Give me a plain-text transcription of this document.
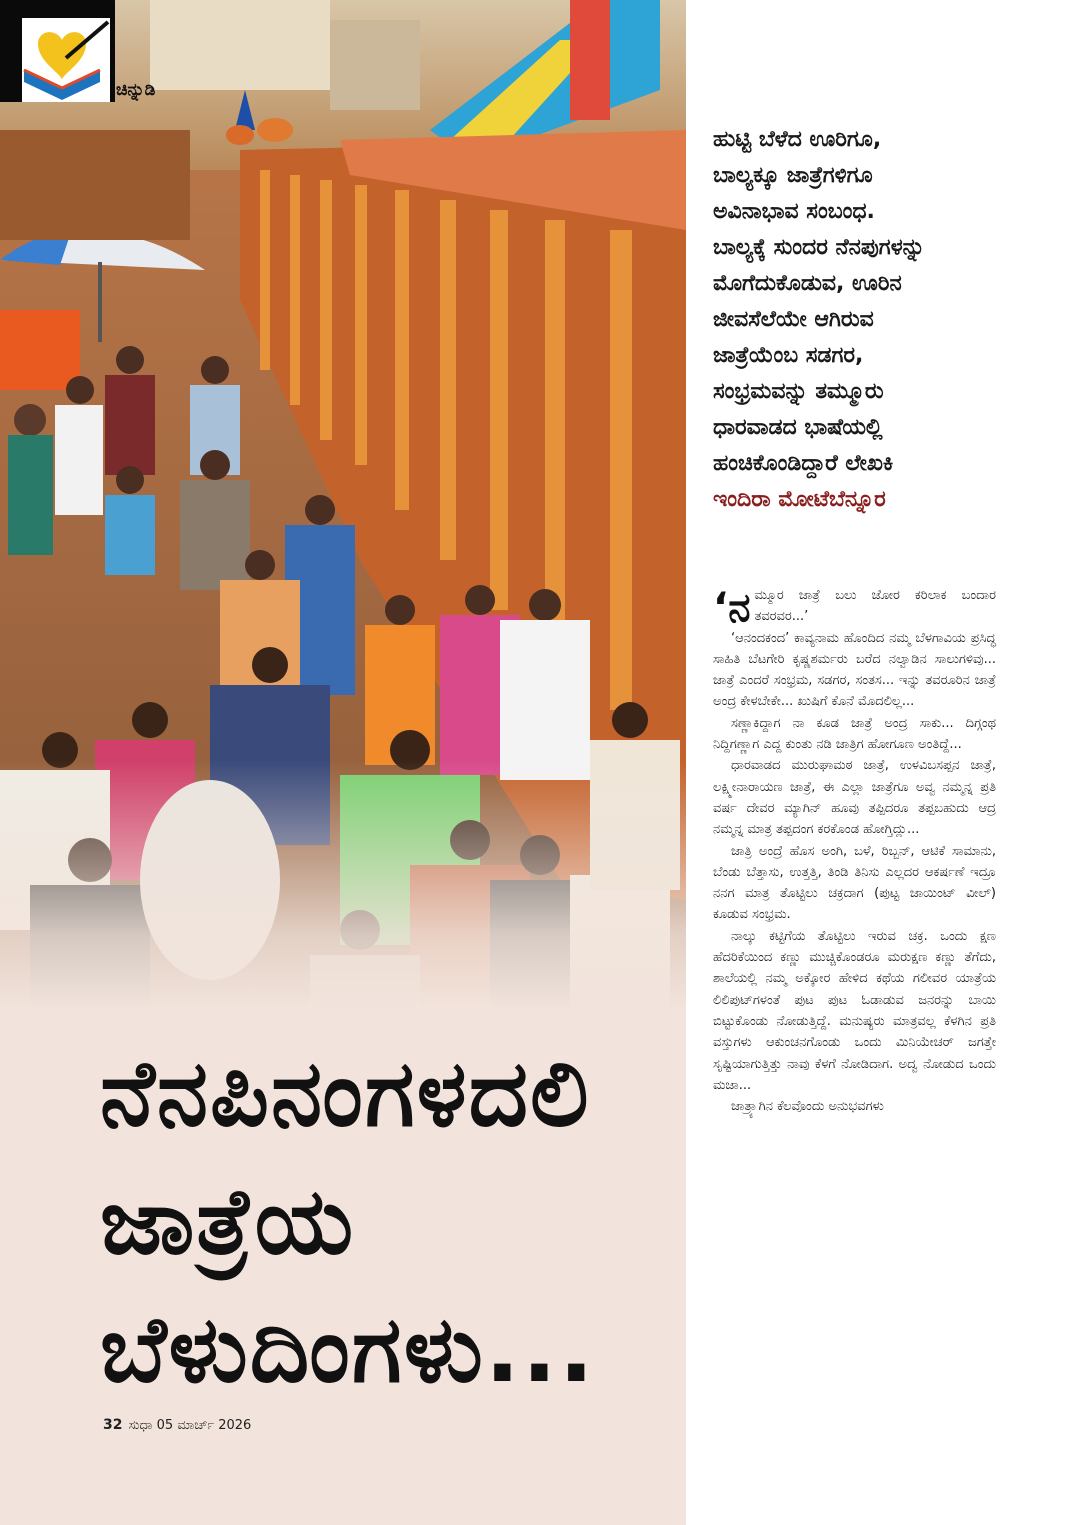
ಚಿನ್ನುಡಿ
ನೆನಪಿನಂಗಳದಲಿ
ಜಾತ್ರೆಯ
ಬೆಳುದಿಂಗಳು...
32 ಸುಧಾ 05 ಮಾರ್ಚ್ 2026
ಹುಟ್ಟಿ ಬೆಳೆದ ಊರಿಗೂ,
ಬಾಲ್ಯಕ್ಕೂ ಜಾತ್ರೆಗಳಿಗೂ
ಅವಿನಾಭಾವ ಸಂಬಂಧ.
ಬಾಲ್ಯಕ್ಕೆ ಸುಂದರ ನೆನಪುಗಳನ್ನು
ಮೊಗೆದುಕೊಡುವ, ಊರಿನ
ಜೀವಸೆಲೆಯೇ ಆಗಿರುವ
ಜಾತ್ರೆಯೆಂಬ ಸಡಗರ,
ಸಂಭ್ರಮವನ್ನು ತಮ್ಮೂರು
ಧಾರವಾಡದ ಭಾಷೆಯಲ್ಲಿ
ಹಂಚಿಕೊಂಡಿದ್ದಾರೆ ಲೇಖಕಿ
ಇಂದಿರಾ ಮೋಟೆಬೆನ್ನೂರ

‘ನಮ್ಮೂರ ಜಾತ್ರೆ ಬಲು ಜೋರ ಕರಿಲಾಕ ಬಂದಾರ ತವರವರ...’

‘ಆನಂದಕಂದ’ ಕಾವ್ಯನಾಮ ಹೊಂದಿದ ನಮ್ಮ ಬೆಳಗಾವಿಯ ಪ್ರಸಿದ್ಧ ಸಾಹಿತಿ ಬೆಟಗೇರಿ ಕೃಷ್ಣಶರ್ಮರು ಬರೆದ ನಲ್ವಾಡಿನ ಸಾಲುಗಳಿವು... ಜಾತ್ರೆ ಎಂದರೆ ಸಂಭ್ರಮ, ಸಡಗರ, ಸಂತಸ... ಇನ್ನು ತವರೂರಿನ ಜಾತ್ರೆ ಅಂದ್ರ ಕೇಳಬೇಕೇ... ಖುಷಿಗೆ ಕೊನೆ ಮೊದಲಿಲ್ಲ...

ಸಣ್ಣಾಕಿದ್ದಾಗ ನಾ ಕೂಡ ಜಾತ್ರೆ ಅಂದ್ರ ಸಾಕು... ದಿಗ್ಗಂಥ ನಿದ್ದಿಗಣ್ಣಾಗ ಎದ್ದ ಕುಂತು ನಡಿ ಜಾತ್ರಿಗ ಹೋಗೂಣ ಅಂತಿದ್ದೆ...

ಧಾರವಾಡದ ಮುರುಘಾಮಠ ಜಾತ್ರೆ, ಉಳವಿಬಸಪ್ಪನ ಜಾತ್ರೆ, ಲಕ್ಷ್ಮೀನಾರಾಯಣ ಜಾತ್ರೆ, ಈ ಎಲ್ಲಾ ಜಾತ್ರೆಗೂ ಅವ್ವ ನಮ್ಮನ್ನ ಪ್ರತಿ ವರ್ಷ ದೇವರ ಮ್ಯಾಗಿನ್ ಹೂವು ತಪ್ಪಿದರೂ ತಪ್ಪಬಹುದು ಆದ್ರ ನಮ್ಮನ್ನ ಮಾತ್ರ ತಪ್ಪದಂಗ ಕರಕೊಂಡ ಹೋಗ್ತಿದ್ಲು...

ಜಾತ್ರಿ ಅಂದ್ರೆ ಹೊಸ ಅಂಗಿ, ಬಳೆ, ರಿಬ್ಬನ್, ಆಟಿಕೆ ಸಾಮಾನು, ಬೆಂಡು ಬೆತ್ತಾಸು, ಉತ್ತತ್ತಿ, ತಿಂಡಿ ತಿನಿಸು ಎಲ್ಲದರ ಆಕರ್ಷಣೆ ಇದ್ರೂ ನನಗ ಮಾತ್ರ ತೊಟ್ಟಿಲು ಚಕ್ರದಾಗ (ಪುಟ್ಟ ಜಾಯಿಂಟ್ ವೀಲ್) ಕೂಡುವ ಸಂಭ್ರಮ.

ನಾಲ್ಕು ಕಟ್ಟಿಗೆಯ ತೊಟ್ಟಿಲು ಇರುವ ಚಕ್ರ. ಒಂದು ಕ್ಷಣ ಹೆದರಿಕೆಯಿಂದ ಕಣ್ಣು ಮುಚ್ಚಿಕೊಂಡರೂ ಮರುಕ್ಷಣ ಕಣ್ಣು ತೆಗೆದು, ಶಾಲೆಯಲ್ಲಿ ನಮ್ಮ ಅಕ್ಕೋರ ಹೇಳಿದ ಕಥೆಯ ಗಲೀವರ ಯಾತ್ರೆಯ ಲಿಲಿಪುಟ್‌ಗಳಂತೆ ಪುಟ ಪುಟ ಓಡಾಡುವ ಜನರನ್ನು ಬಾಯಿ ಬಿಟ್ಟುಕೊಂಡು ನೋಡುತ್ತಿದ್ದೆ. ಮನುಷ್ಯರು ಮಾತ್ರವಲ್ಲ ಕೆಳಗಿನ ಪ್ರತಿ ವಸ್ತುಗಳು ಆಕುಂಚನಗೊಂಡು ಒಂದು ಮಿನಿಯೇಚರ್ ಜಗತ್ತೇ ಸೃಷ್ಟಿಯಾಗುತ್ತಿತ್ತು ನಾವು ಕೆಳಗೆ ನೋಡಿದಾಗ. ಅದ್ವ ನೋಡುದ ಒಂದು ಮಜಾ...

ಜಾತ್ರ್ಯಾಗಿನ ಕೆಲವೊಂದು ಅನುಭವಗಳು
